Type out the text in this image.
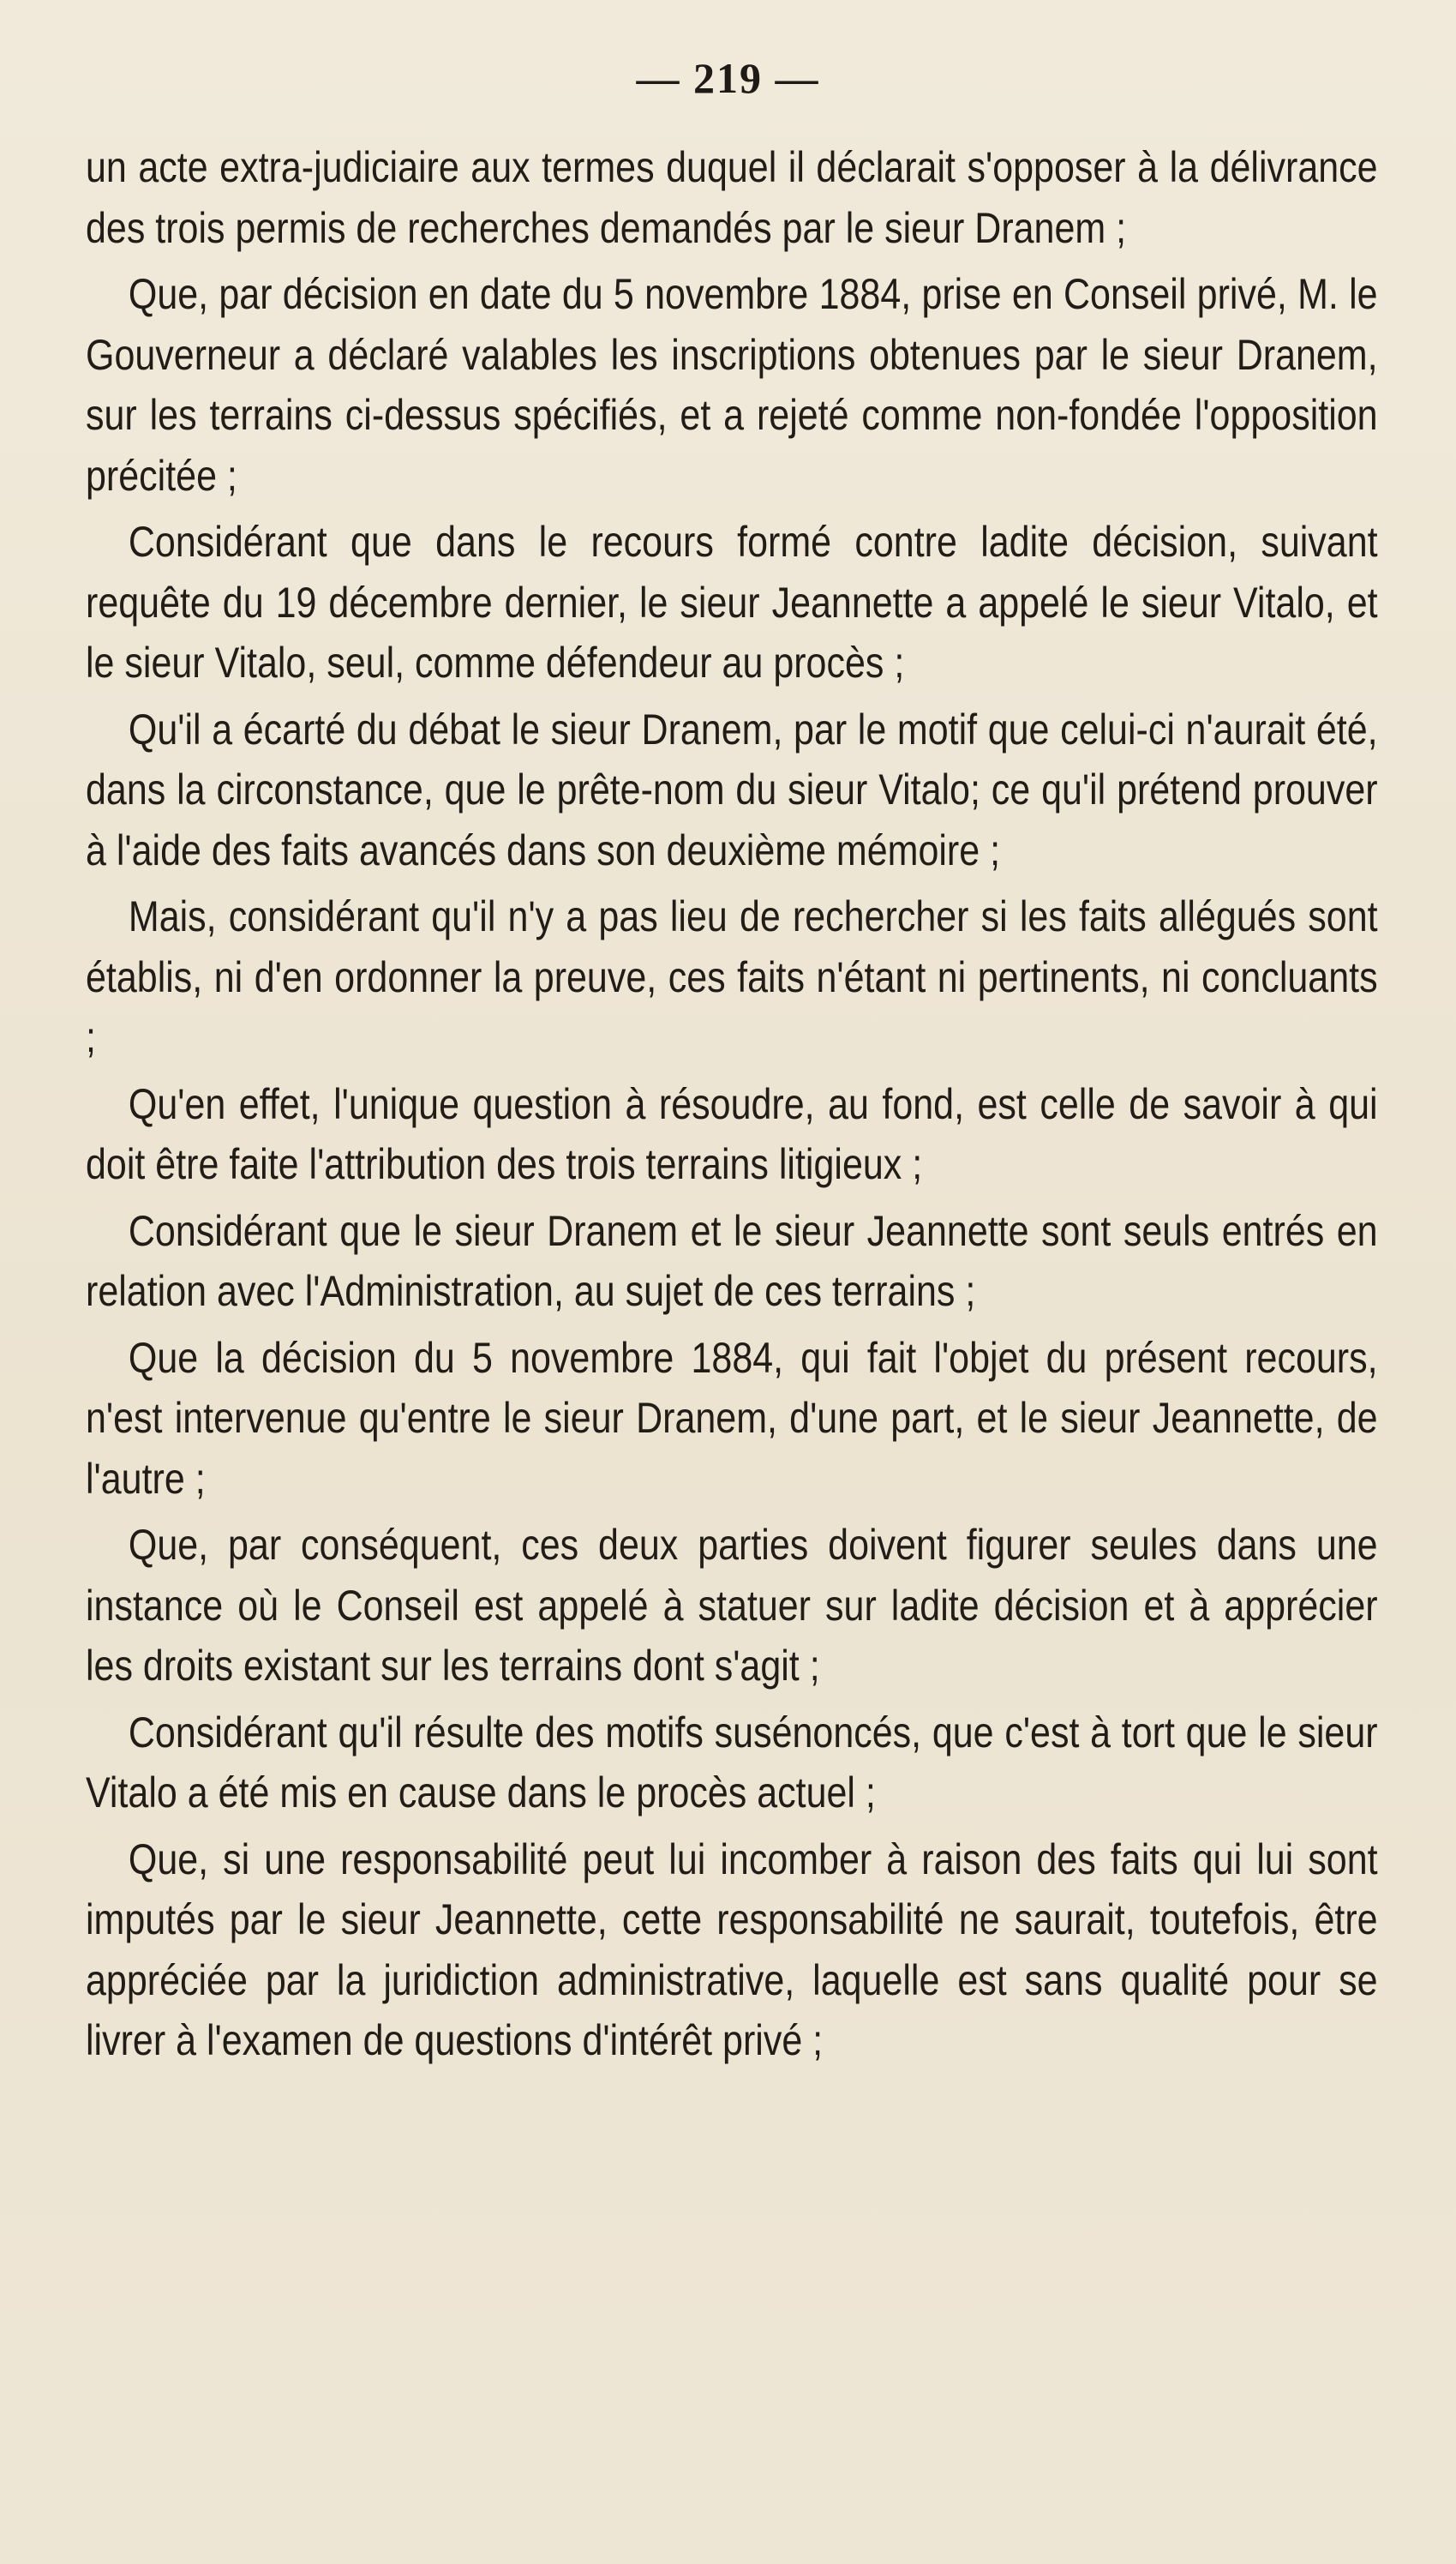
— 219 —

un acte extra-judiciaire aux termes duquel il déclarait s'opposer à la délivrance des trois permis de recherches demandés par le sieur Dranem ;

Que, par décision en date du 5 novembre 1884, prise en Conseil privé, M. le Gouverneur a déclaré valables les inscriptions obtenues par le sieur Dranem, sur les terrains ci-dessus spécifiés, et a rejeté comme non-fondée l'opposition précitée ;

Considérant que dans le recours formé contre ladite décision, suivant requête du 19 décembre dernier, le sieur Jeannette a appelé le sieur Vitalo, et le sieur Vitalo, seul, comme défendeur au procès ;

Qu'il a écarté du débat le sieur Dranem, par le motif que celui-ci n'aurait été, dans la circonstance, que le prête-nom du sieur Vitalo; ce qu'il prétend prouver à l'aide des faits avancés dans son deuxième mémoire ;

Mais, considérant qu'il n'y a pas lieu de rechercher si les faits allégués sont établis, ni d'en ordonner la preuve, ces faits n'étant ni pertinents, ni concluants ;

Qu'en effet, l'unique question à résoudre, au fond, est celle de savoir à qui doit être faite l'attribution des trois terrains litigieux ;

Considérant que le sieur Dranem et le sieur Jeannette sont seuls entrés en relation avec l'Administration, au sujet de ces terrains ;

Que la décision du 5 novembre 1884, qui fait l'objet du présent recours, n'est intervenue qu'entre le sieur Dranem, d'une part, et le sieur Jeannette, de l'autre ;

Que, par conséquent, ces deux parties doivent figurer seules dans une instance où le Conseil est appelé à statuer sur ladite décision et à apprécier les droits existant sur les terrains dont s'agit ;

Considérant qu'il résulte des motifs susénoncés, que c'est à tort que le sieur Vitalo a été mis en cause dans le procès actuel ;

Que, si une responsabilité peut lui incomber à raison des faits qui lui sont imputés par le sieur Jeannette, cette responsabilité ne saurait, toutefois, être appréciée par la juridiction administrative, laquelle est sans qualité pour se livrer à l'examen de questions d'intérêt privé ;
